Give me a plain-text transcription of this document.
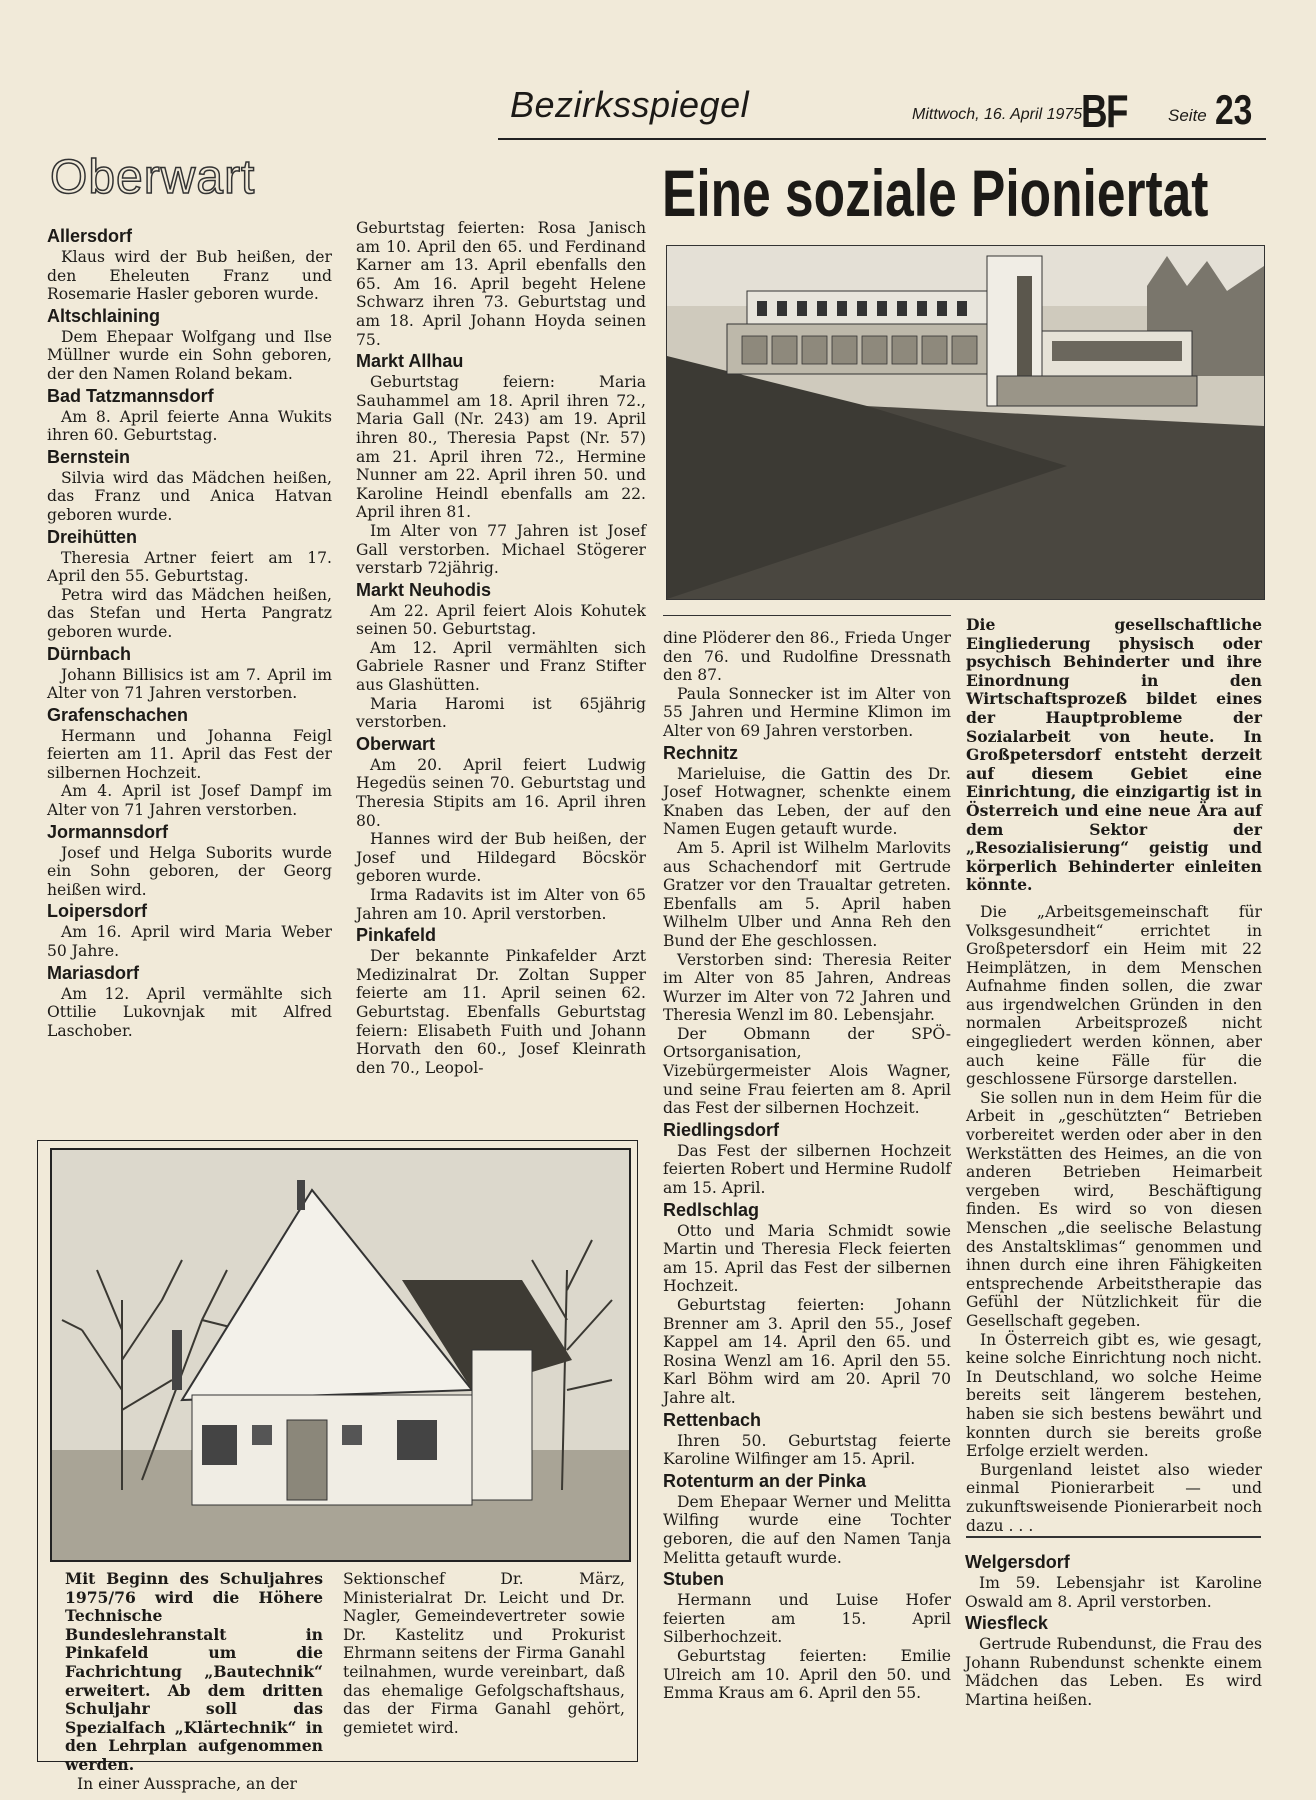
Bezirksspiegel	Mittwoch, 16. April 1975
BF Seite 23
Oberwart	Eine soziale Pioniertat
Allersdorf

Klaus wird der Bub heißen, der den Eheleuten Franz und Rosemarie Hasler geboren wurde.

Altschlaining

Dem Ehepaar Wolfgang und Ilse Müllner wurde ein Sohn geboren, der den Namen Roland bekam.

Bad Tatzmannsdorf

Am 8. April feierte Anna Wukits ihren 60. Geburtstag.

Bernstein

Silvia wird das Mädchen heißen, das Franz und Anica Hatvan geboren wurde.

Dreihütten

Theresia Artner feiert am 17. April den 55. Geburtstag.

Petra wird das Mädchen heißen, das Stefan und Herta Pangratz geboren wurde.

Dürnbach

Johann Billisics ist am 7. April im Alter von 71 Jahren verstorben.

Grafenschachen

Hermann und Johanna Feigl feierten am 11. April das Fest der silbernen Hochzeit.

Am 4. April ist Josef Dampf im Alter von 71 Jahren verstorben.

Jormannsdorf

Josef und Helga Suborits wurde ein Sohn geboren, der Georg heißen wird.

Loipersdorf

Am 16. April wird Maria Weber 50 Jahre.

Mariasdorf

Am 12. April vermählte sich Ottilie Lukovnjak mit Alfred Laschober.

Geburtstag feierten: Rosa Janisch am 10. April den 65. und Ferdinand Karner am 13. April ebenfalls den 65. Am 16. April begeht Helene Schwarz ihren 73. Geburtstag und am 18. April Johann Hoyda seinen 75.

Markt Allhau

Geburtstag feiern: Maria Sauhammel am 18. April ihren 72., Maria Gall (Nr. 243) am 19. April ihren 80., Theresia Papst (Nr. 57) am 21. April ihren 72., Hermine Nunner am 22. April ihren 50. und Karoline Heindl ebenfalls am 22. April ihren 81.

Im Alter von 77 Jahren ist Josef Gall verstorben. Michael Stögerer verstarb 72jährig.

Markt Neuhodis

Am 22. April feiert Alois Kohutek seinen 50. Geburtstag.

Am 12. April vermählten sich Gabriele Rasner und Franz Stifter aus Glashütten.

Maria Haromi ist 65jährig verstorben.

Oberwart

Am 20. April feiert Ludwig Hegedüs seinen 70. Geburtstag und Theresia Stipits am 16. April ihren 80.

Hannes wird der Bub heißen, der Josef und Hildegard Böcskör geboren wurde.

Irma Radavits ist im Alter von 65 Jahren am 10. April verstorben.

Pinkafeld

Der bekannte Pinkafelder Arzt Medizinalrat Dr. Zoltan Supper feierte am 11. April seinen 62. Geburtstag. Ebenfalls Geburtstag feiern: Elisabeth Fuith und Johann Horvath den 60., Josef Kleinrath den 70., Leopol-

dine Plöderer den 86., Frieda Unger den 76. und Rudolfine Dressnath den 87.

Paula Sonnecker ist im Alter von 55 Jahren und Hermine Klimon im Alter von 69 Jahren verstorben.

Rechnitz

Marieluise, die Gattin des Dr. Josef Hotwagner, schenkte einem Knaben das Leben, der auf den Namen Eugen getauft wurde.

Am 5. April ist Wilhelm Marlovits aus Schachendorf mit Gertrude Gratzer vor den Traualtar getreten. Ebenfalls am 5. April haben Wilhelm Ulber und Anna Reh den Bund der Ehe geschlossen.

Verstorben sind: Theresia Reiter im Alter von 85 Jahren, Andreas Wurzer im Alter von 72 Jahren und Theresia Wenzl im 80. Lebensjahr.

Der Obmann der SPÖ-Ortsorganisation, Vizebürgermeister Alois Wagner, und seine Frau feierten am 8. April das Fest der silbernen Hochzeit.

Riedlingsdorf

Das Fest der silbernen Hochzeit feierten Robert und Hermine Rudolf am 15. April.

Redlschlag

Otto und Maria Schmidt sowie Martin und Theresia Fleck feierten am 15. April das Fest der silbernen Hochzeit.

Geburtstag feierten: Johann Brenner am 3. April den 55., Josef Kappel am 14. April den 65. und Rosina Wenzl am 16. April den 55. Karl Böhm wird am 20. April 70 Jahre alt.

Rettenbach

Ihren 50. Geburtstag feierte Karoline Wilfinger am 15. April.

Rotenturm an der Pinka

Dem Ehepaar Werner und Melitta Wilfing wurde eine Tochter geboren, die auf den Namen Tanja Melitta getauft wurde.

Stuben

Hermann und Luise Hofer feierten am 15. April Silberhochzeit.

Geburtstag feierten: Emilie Ulreich am 10. April den 50. und Emma Kraus am 6. April den 55.

Die gesellschaftliche Eingliederung physisch oder psychisch Behinderter und ihre Einordnung in den Wirtschaftsprozeß bildet eines der Hauptprobleme der Sozialarbeit von heute. In Großpetersdorf entsteht derzeit auf diesem Gebiet eine Einrichtung, die einzigartig ist in Österreich und eine neue Ära auf dem Sektor der „Resozialisierung“ geistig und körperlich Behinderter einleiten könnte.

Die „Arbeitsgemeinschaft für Volksgesundheit“ errichtet in Großpetersdorf ein Heim mit 22 Heimplätzen, in dem Menschen Aufnahme finden sollen, die zwar aus irgendwelchen Gründen in den normalen Arbeitsprozeß nicht eingegliedert werden können, aber auch keine Fälle für die geschlossene Fürsorge darstellen.

Sie sollen nun in dem Heim für die Arbeit in „geschützten“ Betrieben vorbereitet werden oder aber in den Werkstätten des Heimes, an die von anderen Betrieben Heimarbeit vergeben wird, Beschäftigung finden. Es wird so von diesen Menschen „die seelische Belastung des Anstaltsklimas“ genommen und ihnen durch eine ihren Fähigkeiten entsprechende Arbeitstherapie das Gefühl der Nützlichkeit für die Gesellschaft gegeben.

In Österreich gibt es, wie gesagt, keine solche Einrichtung noch nicht. In Deutschland, wo solche Heime bereits seit längerem bestehen, haben sie sich bestens bewährt und konnten durch sie bereits große Erfolge erzielt werden.

Burgenland leistet also wieder einmal Pionierarbeit — und zukunftsweisende Pionierarbeit noch dazu . . .

Welgersdorf

Im 59. Lebensjahr ist Karoline Oswald am 8. April verstorben.

Wiesfleck

Gertrude Rubendunst, die Frau des Johann Rubendunst schenkte einem Mädchen das Leben. Es wird Martina heißen.

Mit Beginn des Schuljahres 1975/76 wird die Höhere Technische Bundeslehranstalt in Pinkafeld um die Fachrichtung „Bautechnik“ erweitert. Ab dem dritten Schuljahr soll das Spezialfach „Klärtechnik“ in den Lehrplan aufgenommen werden.
In einer Aussprache, an der
Sektionschef Dr. März, Ministerialrat Dr. Leicht und Dr. Nagler, Gemeindevertreter sowie Dr. Kastelitz und Prokurist Ehrmann seitens der Firma Ganahl teilnahmen, wurde vereinbart, daß das ehemalige Gefolgschaftshaus, das der Firma Ganahl gehört, gemietet wird.
